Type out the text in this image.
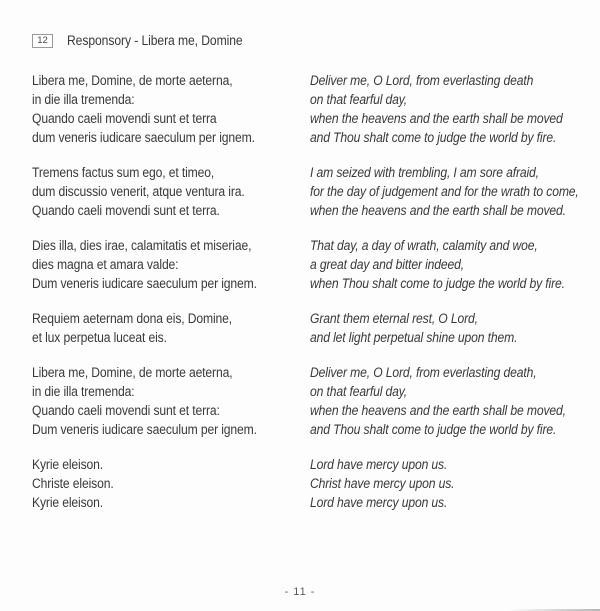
12	Responsory - Libera me, Domine
Libera me, Domine, de morte aeterna,
in die illa tremenda:
Quando caeli movendi sunt et terra
dum veneris iudicare saeculum per ignem.
Tremens factus sum ego, et timeo,
dum discussio venerit, atque ventura ira.
Quando caeli movendi sunt et terra.
Dies illa, dies irae, calamitatis et miseriae,
dies magna et amara valde:
Dum veneris iudicare saeculum per ignem.
Requiem aeternam dona eis, Domine,
et lux perpetua luceat eis.
Libera me, Domine, de morte aeterna,
in die illa tremenda:
Quando caeli movendi sunt et terra:
Dum veneris iudicare saeculum per ignem.
Kyrie eleison.
Christe eleison.
Kyrie eleison.
Deliver me, O Lord, from everlasting death
on that fearful day,
when the heavens and the earth shall be moved
and Thou shalt come to judge the world by fire.
I am seized with trembling, I am sore afraid,
for the day of judgement and for the wrath to come,
when the heavens and the earth shall be moved.
That day, a day of wrath, calamity and woe,
a great day and bitter indeed,
when Thou shalt come to judge the world by fire.
Grant them eternal rest, O Lord,
and let light perpetual shine upon them.
Deliver me, O Lord, from everlasting death,
on that fearful day,
when the heavens and the earth shall be moved,
and Thou shalt come to judge the world by fire.
Lord have mercy upon us.
Christ have mercy upon us.
Lord have mercy upon us.
- 11 -
